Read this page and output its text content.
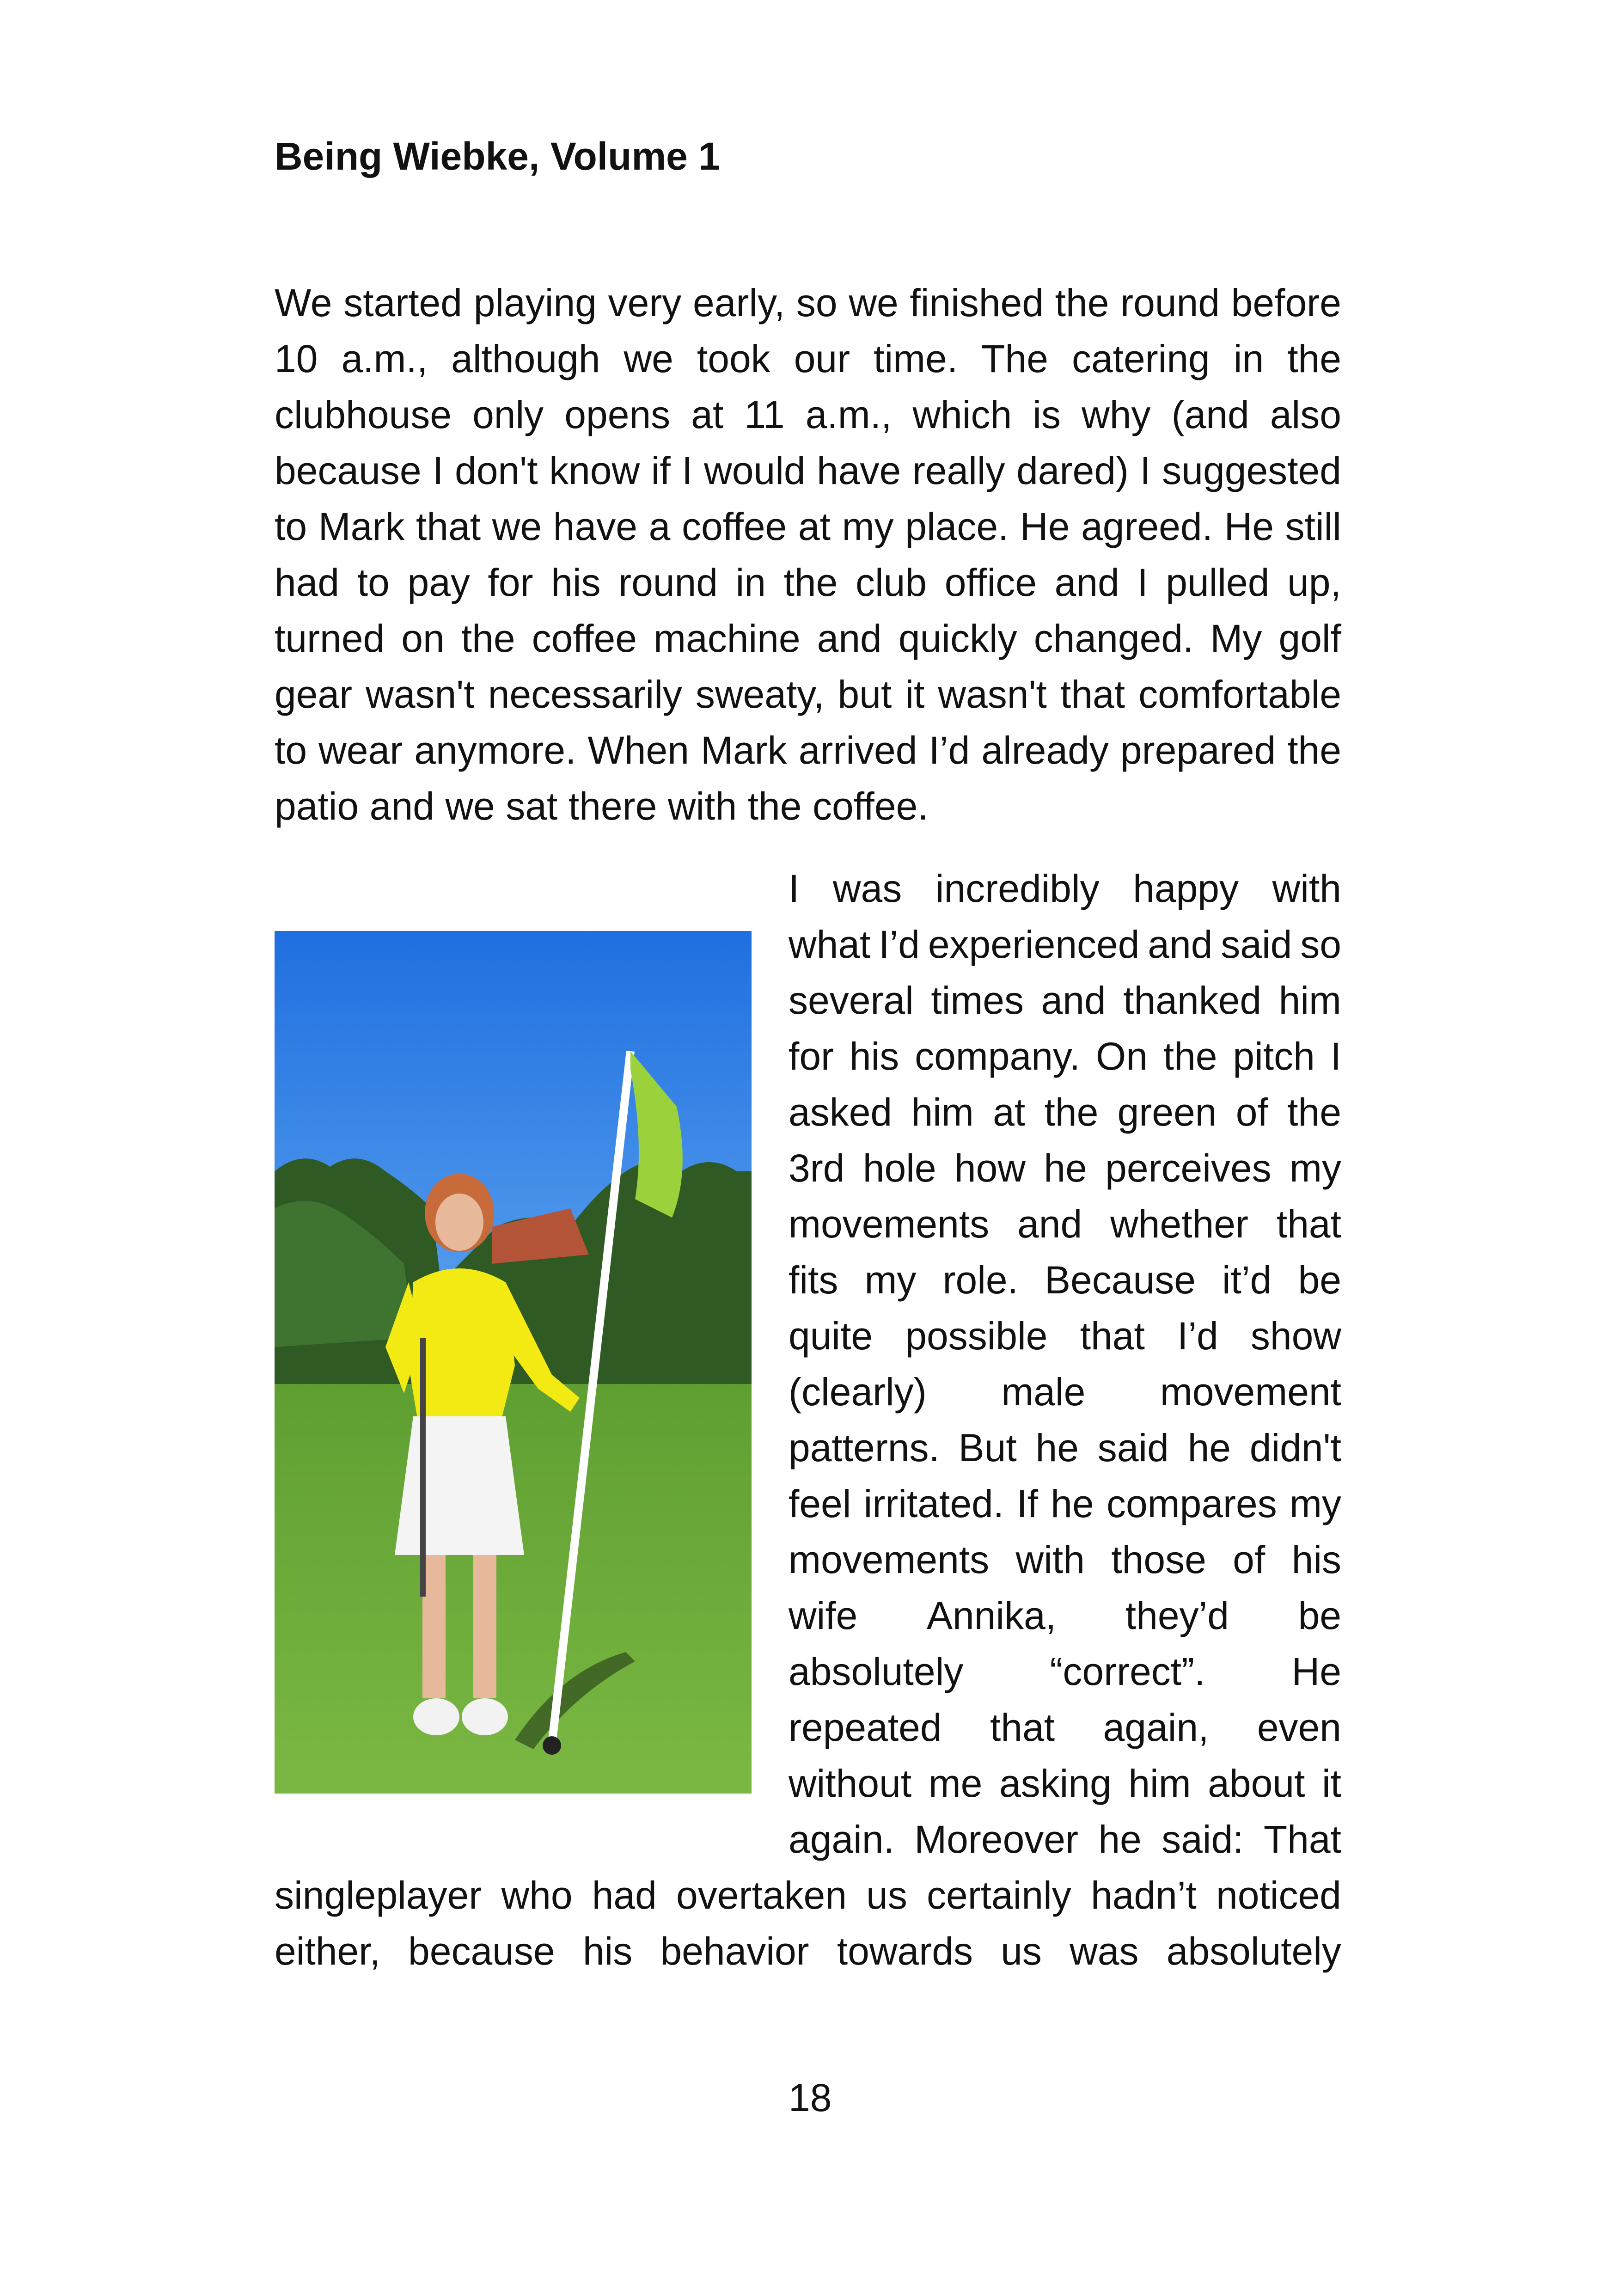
Being Wiebke, Volume 1
We started playing very early, so we finished the round before
10 a.m., although we took our time. The catering in the
clubhouse only opens at 11 a.m., which is why (and also
because I don't know if I would have really dared) I suggested
to Mark that we have a coffee at my place. He agreed. He still
had to pay for his round in the club office and I pulled up,
turned on the coffee machine and quickly changed. My golf
gear wasn't necessarily sweaty, but it wasn't that comfortable
to wear anymore. When Mark arrived I’d already prepared the
patio and we sat there with the coffee.
I was incredibly happy with
what I’d experienced and said so
several times and thanked him
for his company. On the pitch I
asked him at the green of the
3rd hole how he perceives my
movements and whether that
fits my role. Because it’d be
quite possible that I’d show
(clearly) male movement
patterns. But he said he didn't
feel irritated. If he compares my
movements with those of his
wife Annika, they’d be
absolutely “correct”. He
repeated that again, even
without me asking him about it
again. Moreover he said: That
singleplayer who had overtaken us certainly hadn’t noticed
either, because his behavior towards us was absolutely
18
